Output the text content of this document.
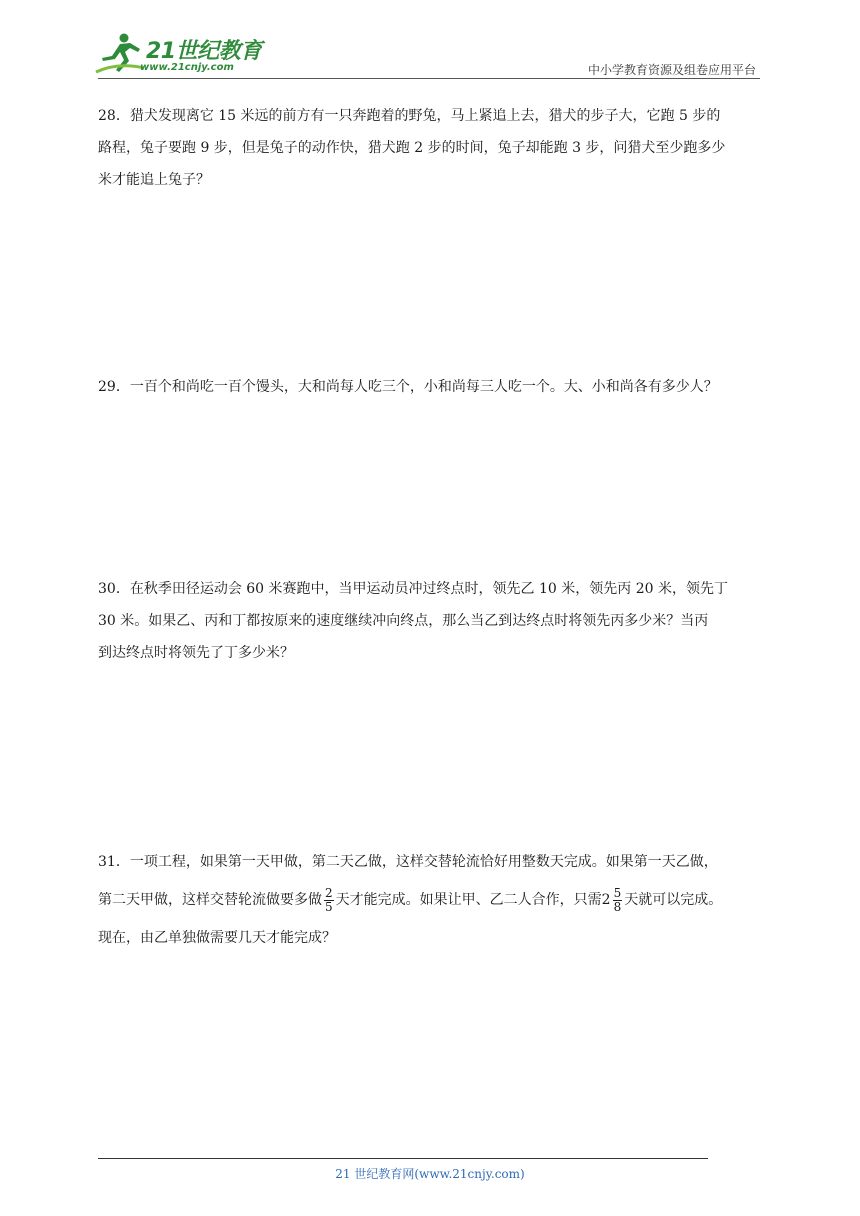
21世纪教育
www.21cnjy.com	中小学教育资源及组卷应用平台
28．猎犬发现离它 15 米远的前方有一只奔跑着的野兔，马上紧追上去，猎犬的步子大，它跑 5 步的
路程，兔子要跑 9 步，但是兔子的动作快，猎犬跑 2 步的时间，兔子却能跑 3 步，问猎犬至少跑多少
米才能追上兔子？
29．一百个和尚吃一百个馒头，大和尚每人吃三个，小和尚每三人吃一个。大、小和尚各有多少人？
30．在秋季田径运动会 60 米赛跑中，当甲运动员冲过终点时，领先乙 10 米，领先丙 20 米，领先丁
30 米。如果乙、丙和丁都按原来的速度继续冲向终点，那么当乙到达终点时将领先丙多少米？当丙
到达终点时将领先了丁多少米？
31．一项工程，如果第一天甲做，第二天乙做，这样交替轮流恰好用整数天完成。如果第一天乙做，
第二天甲做，这样交替轮流做要多做 $\frac{2}{5}$ 天才能完成。如果让甲、乙二人合作，只需$2 \frac{5}{8}$ 天就可以完成。
现在，由乙单独做需要几天才能完成？
21 世纪教育网(www.21cnjy.com)
